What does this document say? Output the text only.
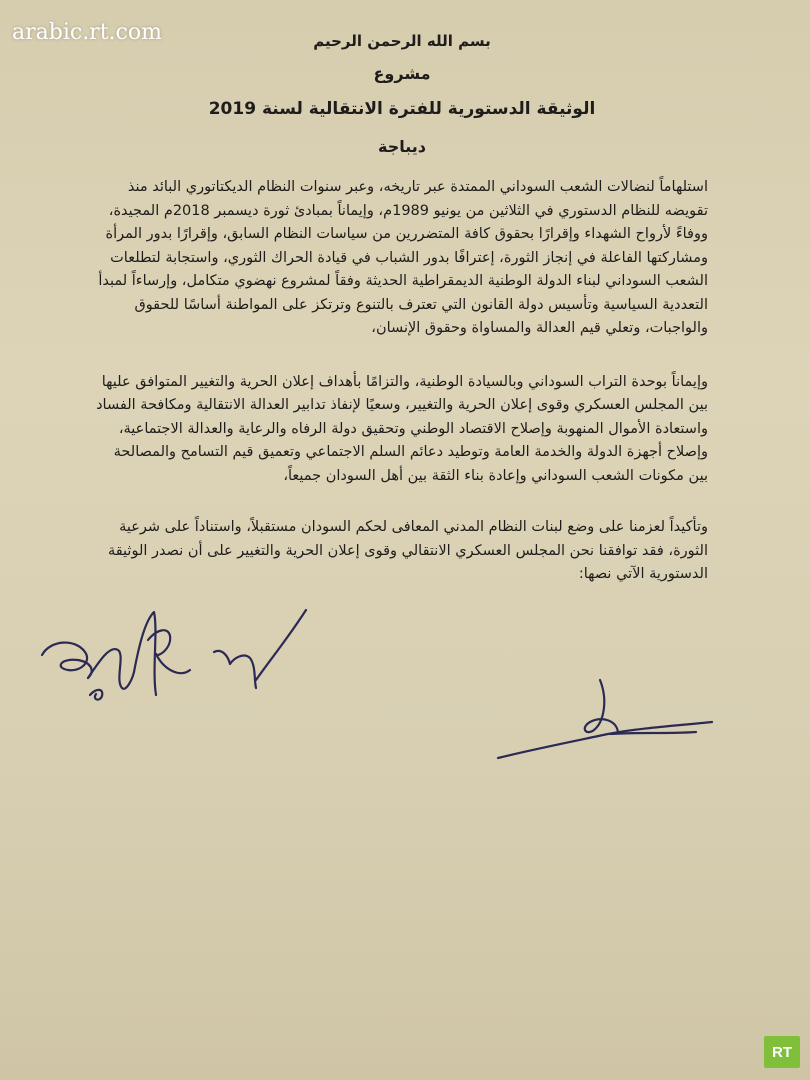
arabic.rt.com	بسم الله الرحمن الرحيم
مشروع
الوثيقة الدستورية للفترة الانتقالية لسنة 2019
ديباجة

استلهاماً لنضالات الشعب السوداني الممتدة عبر تاريخه، وعبر سنوات النظام الديكتاتوري البائد منذ
تقويضه للنظام الدستوري في الثلاثين من يونيو 1989م، وإيماناً بمبادئ ثورة ديسمبر 2018م المجيدة،
ووفاءً لأرواح الشهداء وإقرارًا بحقوق كافة المتضررين من سياسات النظام السابق، وإقرارًا بدور المرأة
ومشاركتها الفاعلة في إنجاز الثورة، إعترافًا بدور الشباب في قيادة الحراك الثوري، واستجابة لتطلعات
الشعب السوداني لبناء الدولة الوطنية الديمقراطية الحديثة وفقاً لمشروع نهضوي متكامل، وإرساءاً لمبدأ
التعددية السياسية وتأسيس دولة القانون التي تعترف بالتنوع وترتكز على المواطنة أساسًا للحقوق
والواجبات، وتعلي قيم العدالة والمساواة وحقوق الإنسان،

وإيماناً بوحدة التراب السوداني وبالسيادة الوطنية، والتزامًا بأهداف إعلان الحرية والتغيير المتوافق عليها
بين المجلس العسكري وقوى إعلان الحرية والتغيير، وسعيًا لإنفاذ تدابير العدالة الانتقالية ومكافحة الفساد
واستعادة الأموال المنهوبة وإصلاح الاقتصاد الوطني وتحقيق دولة الرفاه والرعاية والعدالة الاجتماعية،
وإصلاح أجهزة الدولة والخدمة العامة وتوطيد دعائم السلم الاجتماعي وتعميق قيم التسامح والمصالحة
بين مكونات الشعب السوداني وإعادة بناء الثقة بين أهل السودان جميعاً،

وتأكيداً لعزمنا على وضع لبنات النظام المدني المعافى لحكم السودان مستقبلاً، واستناداً على شرعية
الثورة، فقد توافقنا نحن المجلس العسكري الانتقالي وقوى إعلان الحرية والتغيير على أن نصدر الوثيقة
الدستورية الآتي نصها:

RT
